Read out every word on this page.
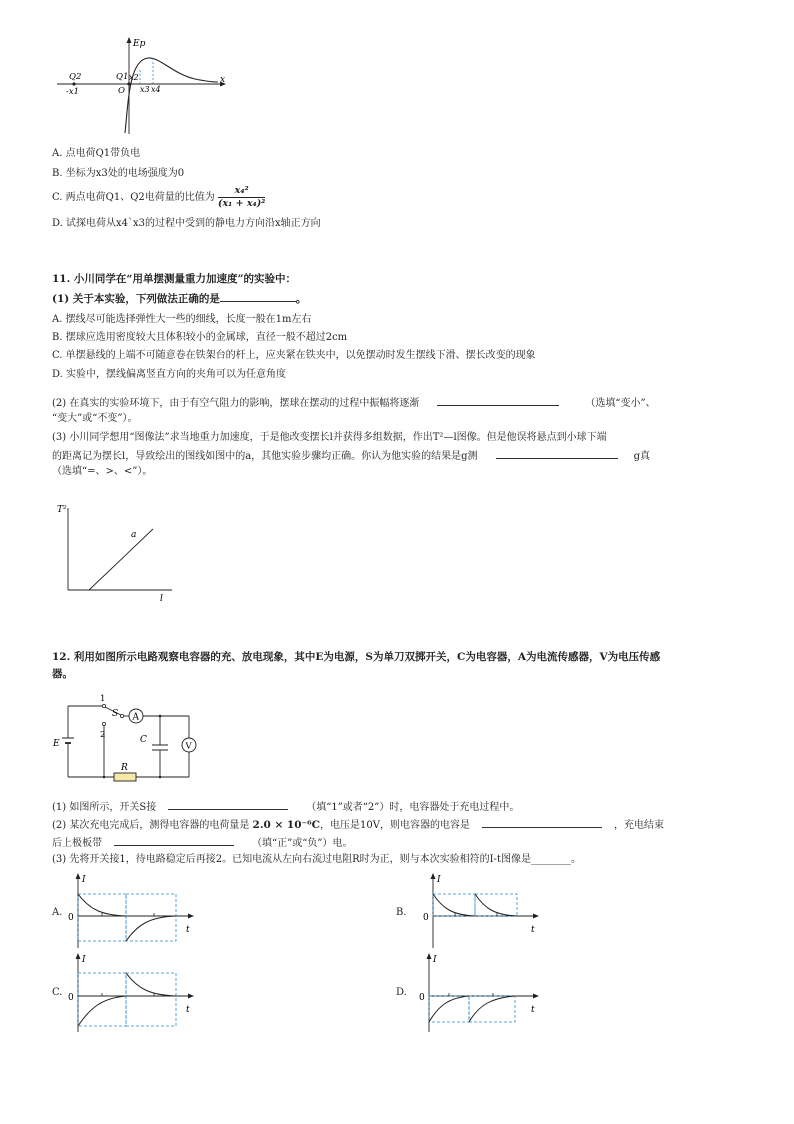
Ep
x
Q2
-x1
Q1
O
x2
x3 x4
A. 点电荷Q1带负电
B. 坐标为x3处的电场强度为0
C. 两点电荷Q1、Q2电荷量的比值为 $\frac{\text{x₄²}}{\text{(x₁ + x₄)²}}$
D. 试探电荷从x4`x3的过程中受到的静电力方向沿x轴正方向
11. 小川同学在“用单摆测量重力加速度”的实验中：
(1) 关于本实验，下列做法正确的是	。
A. 摆线尽可能选择弹性大一些的细线，长度一般在1m左右
B. 摆球应选用密度较大且体积较小的金属球，直径一般不超过2cm
C. 单摆悬线的上端不可随意卷在铁架台的杆上，应夹紧在铁夹中，以免摆动时发生摆线下滑、摆长改变的现象
D. 实验中，摆线偏离竖直方向的夹角可以为任意角度
(2) 在真实的实验环境下，由于有空气阻力的影响，摆球在摆动的过程中振幅将逐渐	（选填“变小”、
“变大”或“不变”）。
(3) 小川同学想用“图像法”求当地重力加速度，于是他改变摆长l并获得多组数据，作出T²—l图像。但是他误将悬点到小球下端
的距离记为摆长l，导致绘出的图线如图中的a，其他实验步骤均正确。你认为他实验的结果是g测	g真
（选填“=、>、<”）。
T²
l
a
12. 利用如图所示电路观察电容器的充、放电现象，其中E为电源，S为单刀双掷开关，C为电容器，A为电流传感器，V为电压传感
器。
E
S
1
2	C
R
A
V
(1) 如图所示，开关S接	（填“1”或者“2”）时，电容器处于充电过程中。
(2) 某次充电完成后，测得电容器的电荷量是 2.0 × 10⁻⁶C，电压是10V，则电容器的电容是	，充电结束
后上极板带	（填“正”或“负”）电。
(3) 先将开关接1，待电路稳定后再接2。已知电流从左向右流过电阻R时为正，则与本次实验相符的I-t图像是________。
A.
I
t
0	B.
I
t
0
C.
I
t
0	D.
I
t
0
